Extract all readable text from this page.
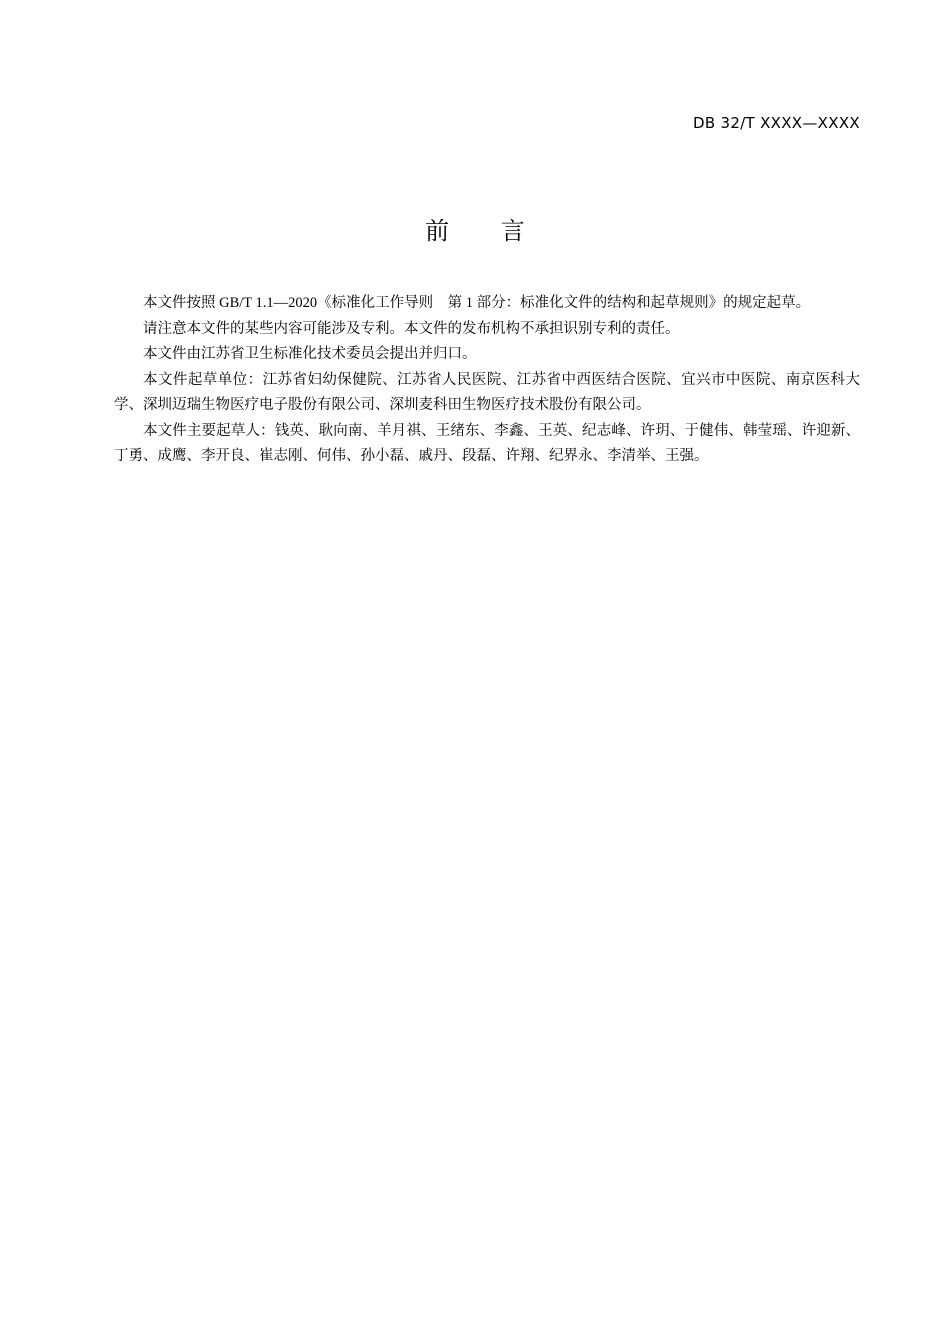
DB 32/T XXXX—XXXX
前 言

本文件按照 GB/T 1.1—2020《标准化工作导则　第 1 部分：标准化文件的结构和起草规则》的规定起草。

请注意本文件的某些内容可能涉及专利。本文件的发布机构不承担识别专利的责任。

本文件由江苏省卫生标准化技术委员会提出并归口。

本文件起草单位：江苏省妇幼保健院、江苏省人民医院、江苏省中西医结合医院、宜兴市中医院、南京医科大学、深圳迈瑞生物医疗电子股份有限公司、深圳麦科田生物医疗技术股份有限公司。

本文件主要起草人：钱英、耿向南、羊月祺、王绪东、李鑫、王英、纪志峰、许玥、于健伟、韩莹瑶、许迎新、丁勇、成鹰、李开良、崔志刚、何伟、孙小磊、戚丹、段磊、许翔、纪界永、李清举、王强。
